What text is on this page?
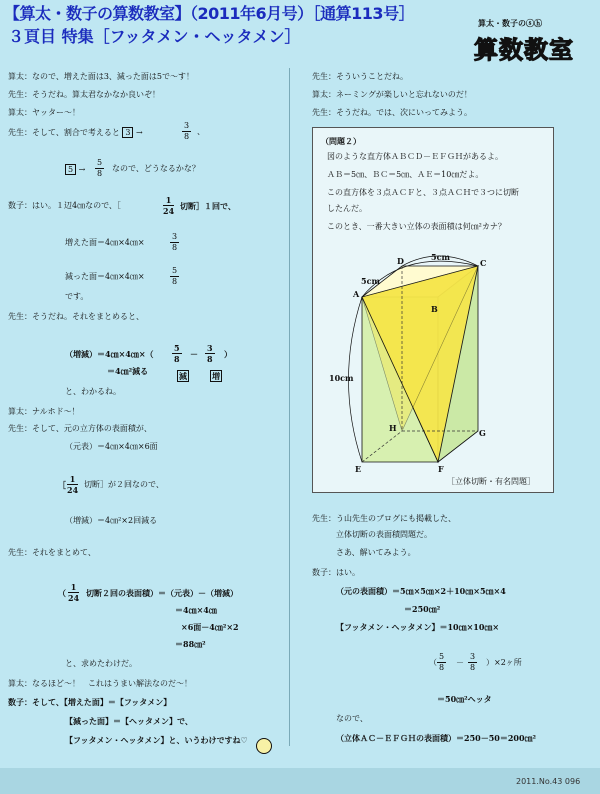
【算太・数子の算数教室】（2011年6月号）［通算113号］
３頁目 特集［フッタメン・ヘッタメン］
算太・数子のⓢⓗ
算数教室
算太：なので、増えた面は3、減った面は5で～す！
先生：そうだね。算太君なかなか良いぞ！
算太：ヤッター～！
先生：そして、割合で考えると 3 →	$\frac{3}{8}$ 、
$5 \to \frac{5}{8}$ なので、どうなるかな？
数子：はい。１辺4㎝なので、［	$\frac{1}{24}$ 切断］１回で、
増えた面＝4㎝×4㎝×	$\frac{3}{8}$
減った面＝4㎝×4㎝×	$\frac{5}{8}$
です。
先生：そうだね。それをまとめると、
（増減）＝4㎝×4㎝×（ $\frac{5}{8} - \frac{3}{8}$ ）
＝4㎝²減る	減	増
と、わかるね。
算太：ナルホド～！
先生：そして、元の立方体の表面積が、
（元表）＝4㎝×4㎝×6面
［ $\frac{1}{24}$ 切断］が２回なので、
（増減）＝4㎝²×2回減る
先生：それをまとめて、
（ $\frac{1}{24}$ 切断２回の表面積）＝（元表）－（増減）
＝4㎝×4㎝
×6面－4㎝²×2
＝88㎝²
と、求めたわけだ。
算太：なるほど～！　これはうまい解法なのだ～！
数子：そして、【増えた面】＝【フッタメン】
【減った面】＝【ヘッタメン】で、
【フッタメン・ヘッタメン】と、いうわけですね♡
先生：そういうことだね。
算太：ネーミングが楽しいと忘れないのだ！
先生：そうだね。では、次にいってみよう。
（問題２）
図のような直方体ＡＢＣＤ－ＥＦＧＨがあるよ。
ＡＢ＝5㎝、ＢＣ＝5㎝、ＡＥ＝10㎝だよ。
この直方体を３点ＡＣＦと、３点ＡＣＨで３つに切断
したんだ。
このとき、一番大きい立体の表面積は何㎝²カナ？
A
B
C
D
E	F
G
H
5cm
5cm
10cm
［立体切断・有名問題］
先生：う山先生のブログにも掲載した、
立体切断の表面積問題だ。
さあ、解いてみよう。
数子：はい。
（元の表面積）＝5㎝×5㎝×2＋10㎝×5㎝×4
＝250㎝²
【フッタメン・ヘッタメン】＝10㎝×10㎝×
（ $\frac{5}{8} - \frac{3}{8} )\times 2$ヶ所
＝50㎝²ヘッタ
なので、
（立体ＡＣ－ＥＦＧＨの表面積）＝250－50＝200㎝²
2011.No.43 096
